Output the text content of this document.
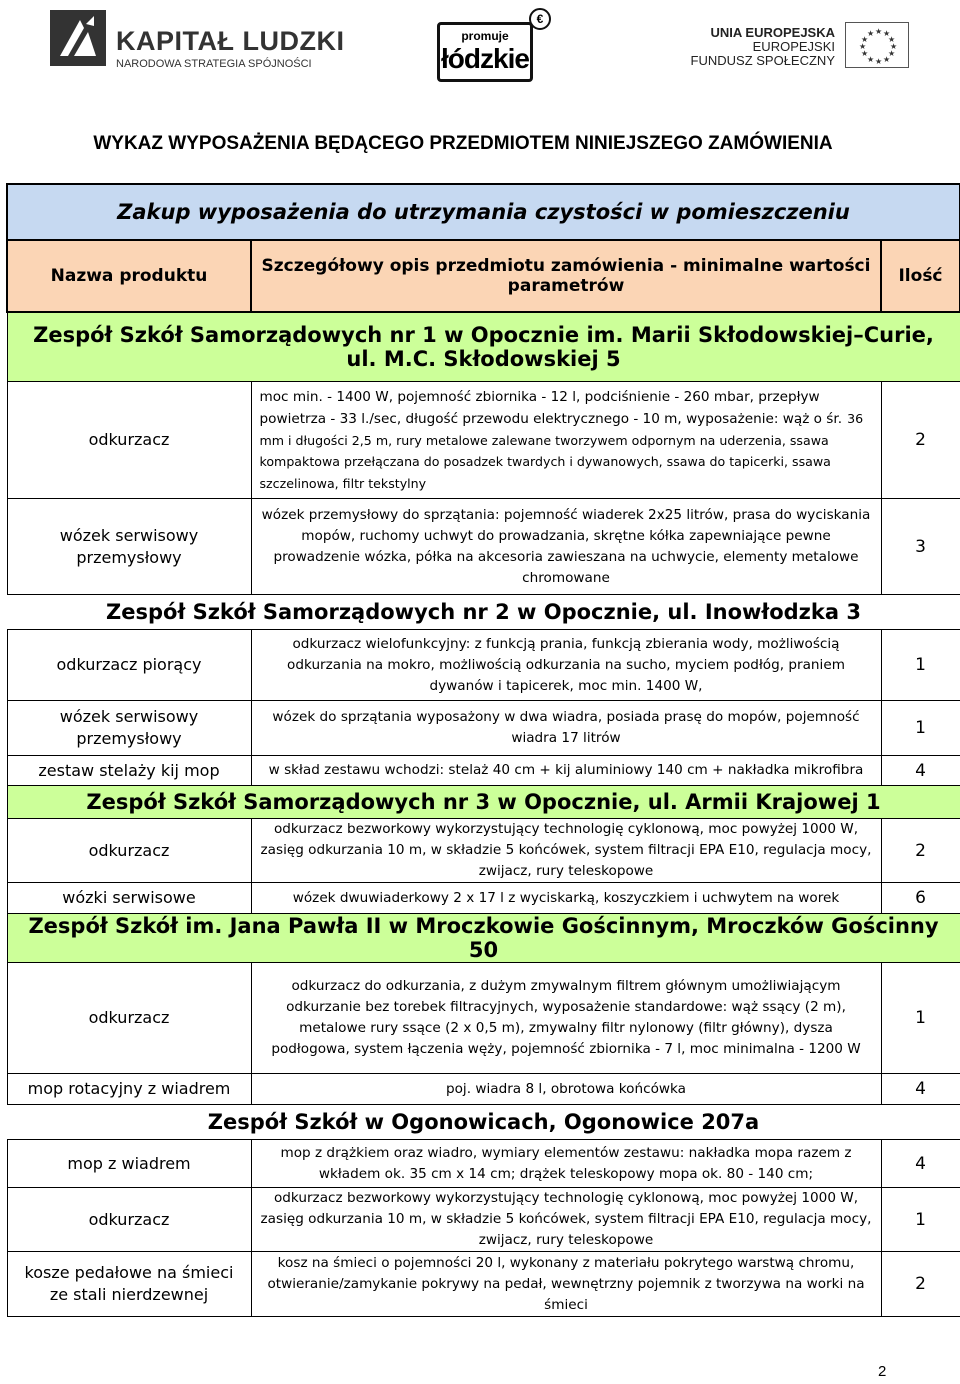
KAPITAŁ LUDZKI
NARODOWA STRATEGIA SPÓJNOŚCI
promuje
łódzkie
€
UNIA EUROPEJSKA
EUROPEJSKI
FUNDUSZ SPOŁECZNY
★ ★
★
★
★
★
★
★
★
★
★
★
WYKAZ WYPOSAŻENIA BĘDĄCEGO PRZEDMIOTEM NINIEJSZEGO ZAMÓWIENIA
Zakup wyposażenia do utrzymania czystości w pomieszczeniu		
Nazwa produktu	Szczegółowy opis przedmiotu zamówienia - minimalne wartości parametrów	Ilość
Zespół Szkół Samorządowych nr 1 w Opocznie im. Marii Skłodowskiej–Curie, ul. M.C. Skłodowskiej 5		
odkurzacz	moc min. - 1400 W, pojemność zbiornika - 12 l, podciśnienie - 260 mbar, przepływ powietrza - 33 l./sec, długość przewodu elektrycznego - 10 m, wyposażenie: wąż o śr. 36 mm i długości 2,5 m, rury metalowe zalewane tworzywem odpornym na uderzenia, ssawa kompaktowa przełączana do posadzek twardych i dywanowych, ssawa do tapicerki, ssawa szczelinowa, filtr tekstylny	2
wózek serwisowy przemysłowy	wózek przemysłowy do sprzątania: pojemność wiaderek 2x25 litrów, prasa do wyciskania mopów, ruchomy uchwyt do prowadzania, skrętne kółka zapewniające pewne prowadzenie wózka, półka na akcesoria zawieszana na uchwycie, elementy metalowe chromowane	3
Zespół Szkół Samorządowych nr 2 w Opocznie, ul. Inowłodzka 3		
odkurzacz piorący	odkurzacz wielofunkcyjny: z funkcją prania, funkcją zbierania wody, możliwością odkurzania na mokro, możliwością odkurzania na sucho, myciem podłóg, praniem dywanów i tapicerek, moc min. 1400 W,	1
wózek serwisowy przemysłowy	wózek do sprzątania wyposażony w dwa wiadra, posiada prasę do mopów, pojemność wiadra 17 litrów	1
zestaw stelaży kij mop	w skład zestawu wchodzi: stelaż 40 cm + kij aluminiowy 140 cm + nakładka mikrofibra	4
Zespół Szkół Samorządowych nr 3 w Opocznie, ul. Armii Krajowej 1		
odkurzacz	odkurzacz bezworkowy wykorzystujący technologię cyklonową, moc powyżej 1000 W, zasięg odkurzania 10 m, w składzie 5 końcówek, system filtracji EPA E10, regulacja mocy, zwijacz, rury teleskopowe	2
wózki serwisowe	wózek dwuwiaderkowy 2 x 17 l z wyciskarką, koszyczkiem i uchwytem na worek	6
Zespół Szkół im. Jana Pawła II w Mroczkowie Gościnnym, Mroczków Gościnny 50		
odkurzacz	odkurzacz do odkurzania, z dużym zmywalnym filtrem głównym umożliwiającym odkurzanie bez torebek filtracyjnych, wyposażenie standardowe: wąż ssący (2 m), metalowe rury ssące (2 x 0,5 m), zmywalny filtr nylonowy (filtr główny), dysza podłogowa, system łączenia węży, pojemność zbiornika - 7 l, moc minimalna - 1200 W	1
mop rotacyjny z wiadrem	poj. wiadra 8 l, obrotowa końcówka	4
Zespół Szkół w Ogonowicach, Ogonowice 207a		
mop z wiadrem	mop z drążkiem oraz wiadro, wymiary elementów zestawu: nakładka mopa razem z wkładem ok. 35 cm x 14 cm; drążek teleskopowy mopa ok. 80 - 140 cm;	4
odkurzacz	odkurzacz bezworkowy wykorzystujący technologię cyklonową, moc powyżej 1000 W, zasięg odkurzania 10 m, w składzie 5 końcówek, system filtracji EPA E10, regulacja mocy, zwijacz, rury teleskopowe	1
kosze pedałowe na śmieci ze stali nierdzewnej	kosz na śmieci o pojemności 20 l, wykonany z materiału pokrytego warstwą chromu, otwieranie/zamykanie pokrywy na pedał, wewnętrzny pojemnik z tworzywa na worki na śmieci	2
2
